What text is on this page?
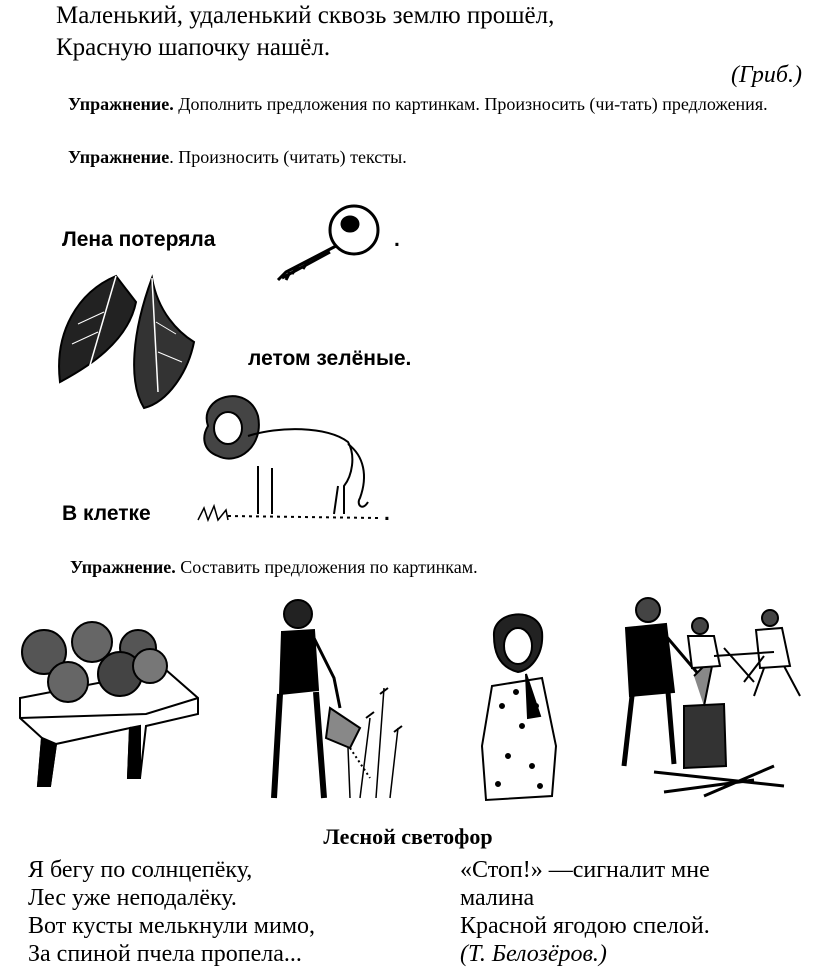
Маленький, удаленький сквозь землю прошёл,
Красную шапочку нашёл.
(Гриб.)
Упражнение. Дополнить предложения по картинкам. Произносить (чи-тать) предложения.
Упражнение. Произносить (читать) тексты.
Лена потеряла	.
летом зелёные.
В клетке	.
Упражнение. Составить предложения по картинкам.
Лесной светофор
Я бегу по солнцепёку,
Лес уже неподалёку.
Вот кусты мелькнули мимо,
За спиной пчела пропела...
«Стоп!» —сигналит мне
малина
Красной ягодою спелой.
(Т. Белозёров.)
